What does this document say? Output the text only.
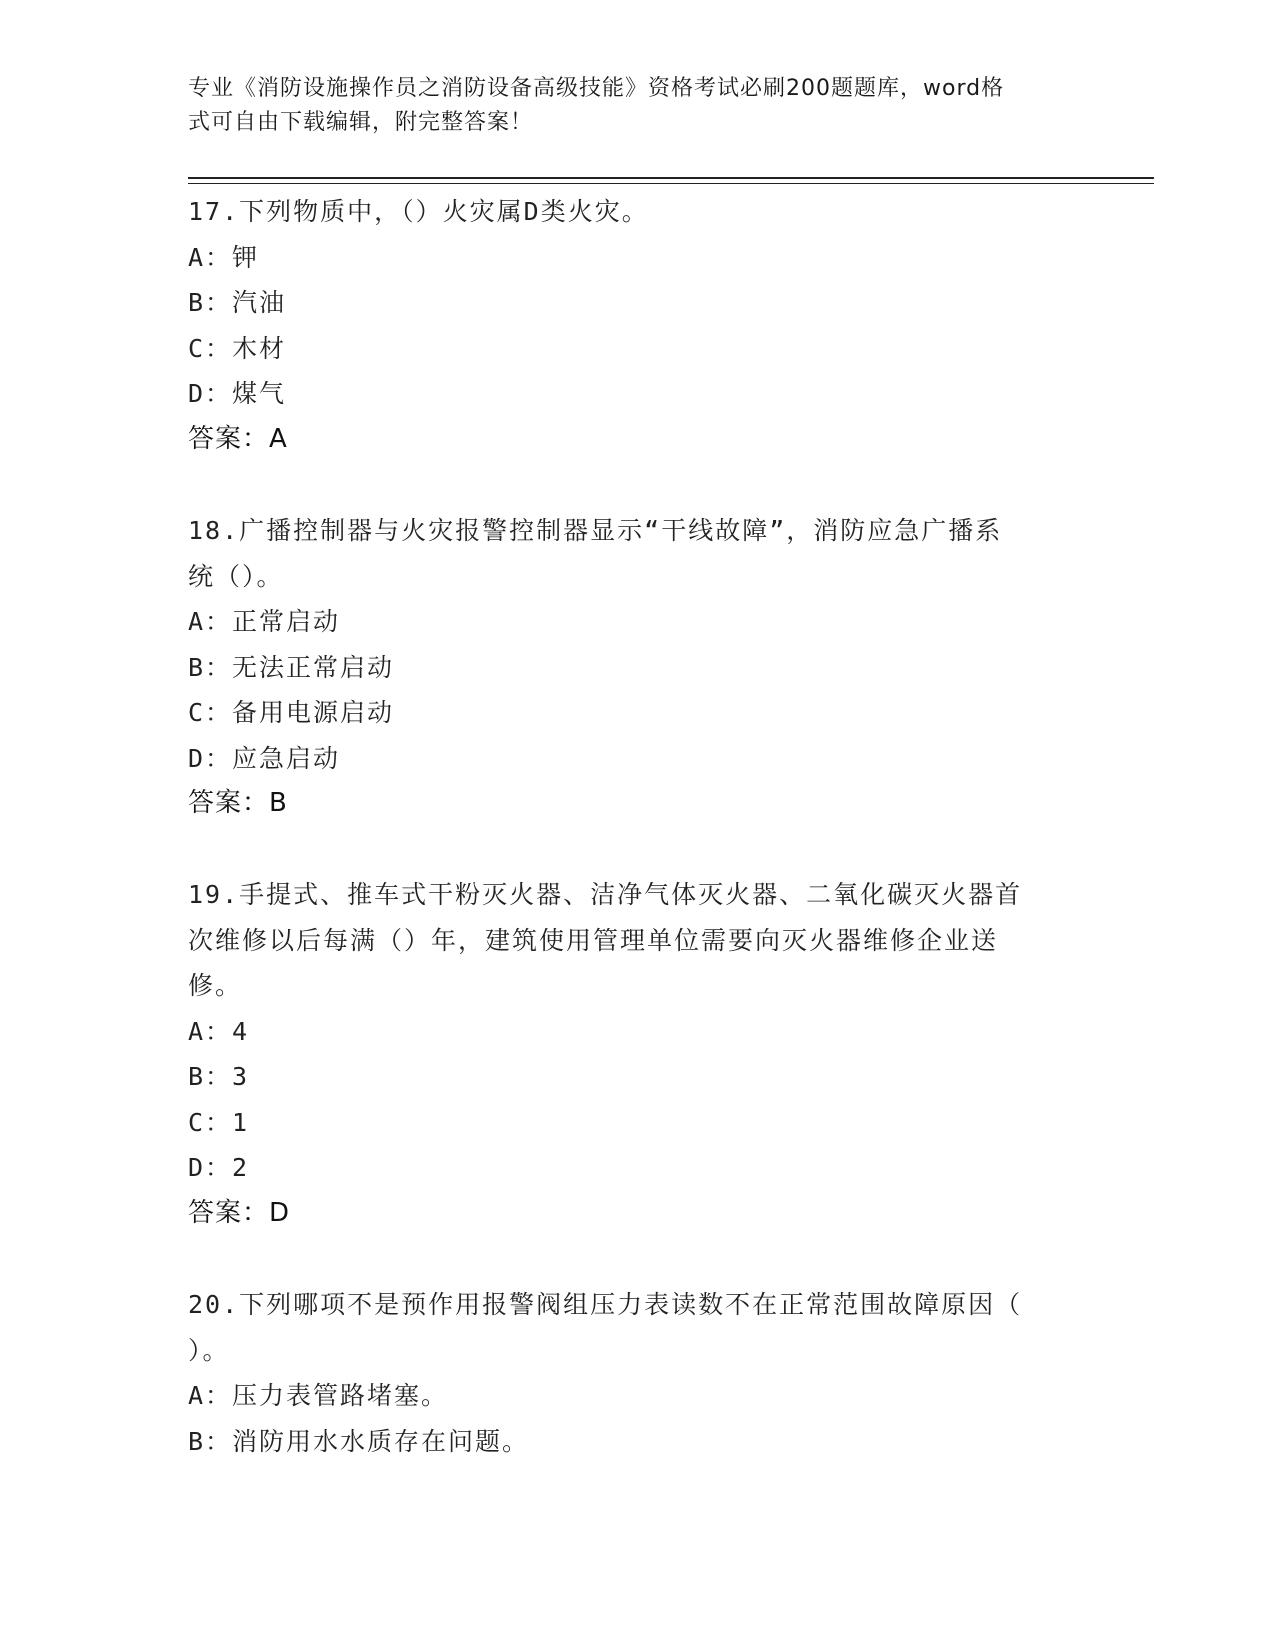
专业《消防设施操作员之消防设备高级技能》资格考试必刷200题题库，word格
式可自由下载编辑，附完整答案！
17.下列物质中，（）火灾属D类火灾。
A：钾
B：汽油
C：木材
D：煤气
答案：A
18.广播控制器与火灾报警控制器显示“干线故障”，消防应急广播系
统（）。
A：正常启动
B：无法正常启动
C：备用电源启动
D：应急启动
答案：B
19.手提式、推车式干粉灭火器、洁净气体灭火器、二氧化碳灭火器首
次维修以后每满（）年，建筑使用管理单位需要向灭火器维修企业送
修。
A：4
B：3
C：1
D：2
答案：D
20.下列哪项不是预作用报警阀组压力表读数不在正常范围故障原因（
）。
A：压力表管路堵塞。
B：消防用水水质存在问题。
